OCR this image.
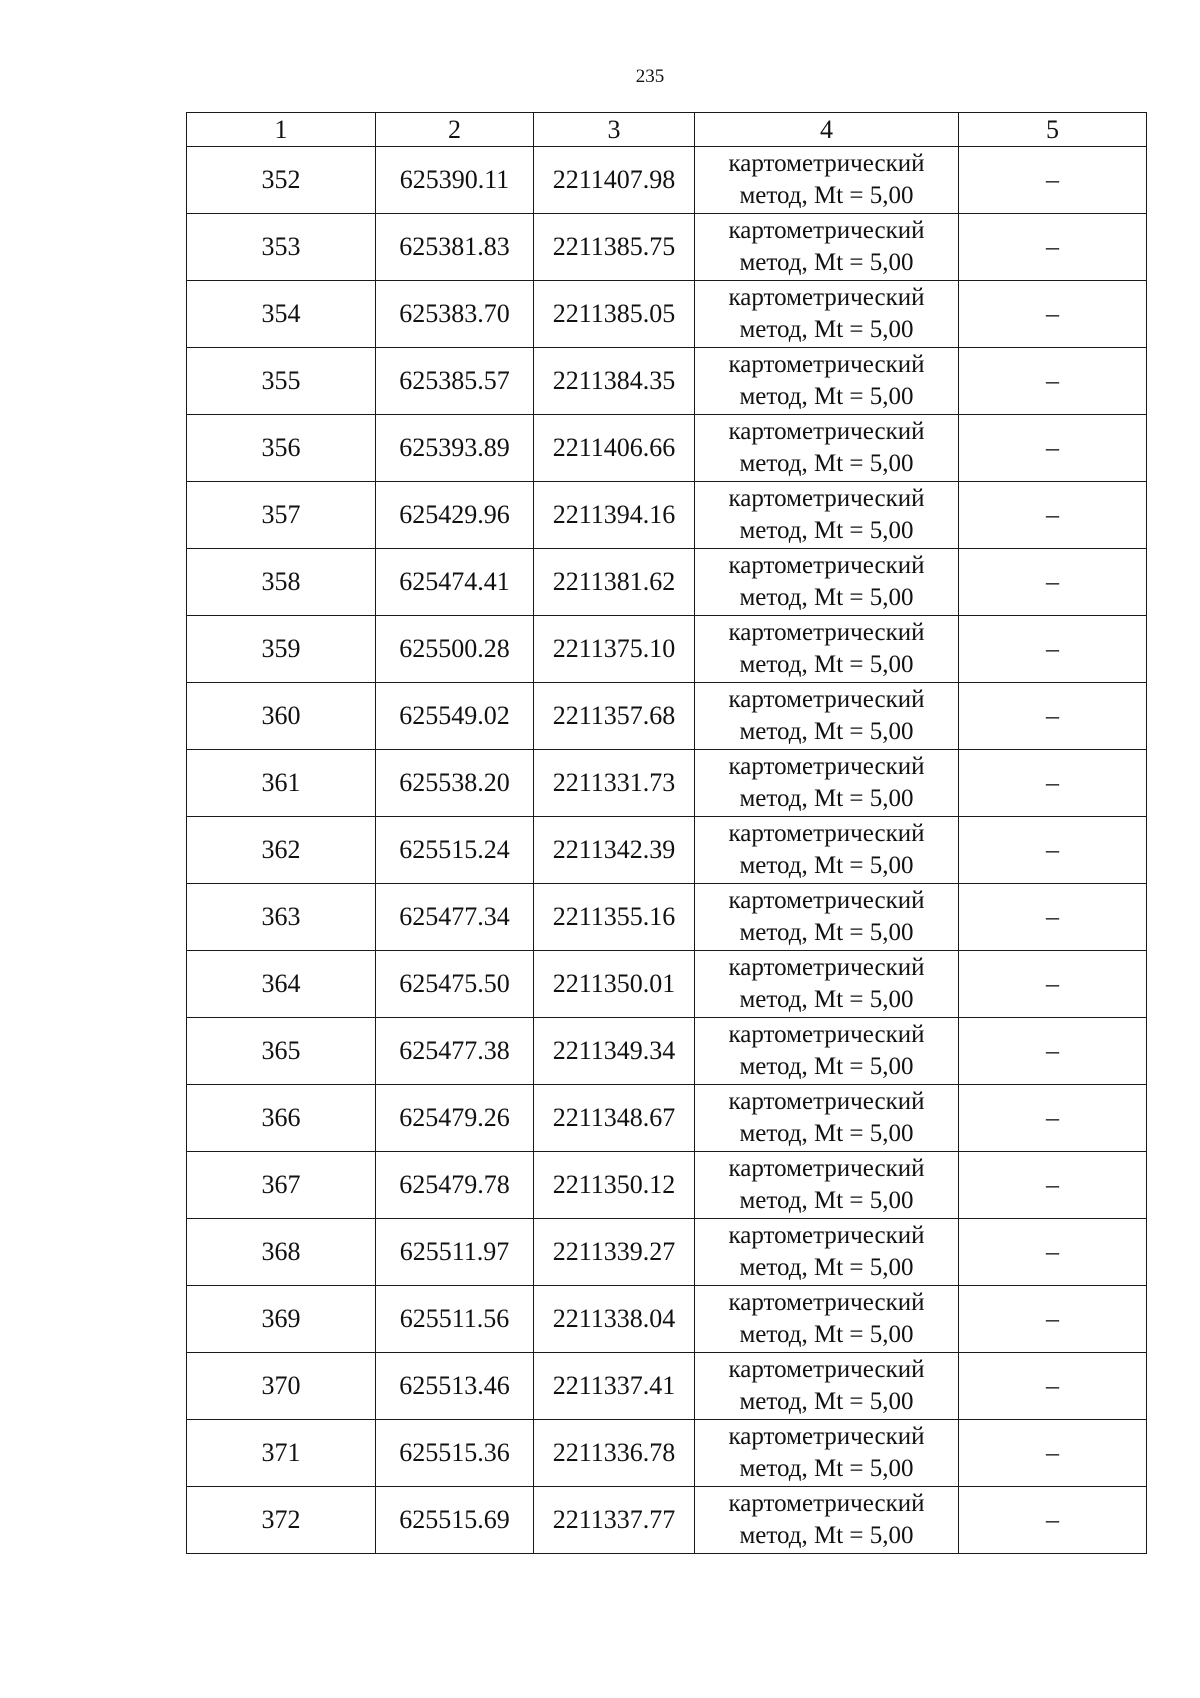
235
1	2	3	4	5
352	625390.11	2211407.98	картометрический
метод, Mt = 5,00	–
353	625381.83	2211385.75	картометрический
метод, Mt = 5,00	–
354	625383.70	2211385.05	картометрический
метод, Mt = 5,00	–
355	625385.57	2211384.35	картометрический
метод, Mt = 5,00	–
356	625393.89	2211406.66	картометрический
метод, Mt = 5,00	–
357	625429.96	2211394.16	картометрический
метод, Mt = 5,00	–
358	625474.41	2211381.62	картометрический
метод, Mt = 5,00	–
359	625500.28	2211375.10	картометрический
метод, Mt = 5,00	–
360	625549.02	2211357.68	картометрический
метод, Mt = 5,00	–
361	625538.20	2211331.73	картометрический
метод, Mt = 5,00	–
362	625515.24	2211342.39	картометрический
метод, Mt = 5,00	–
363	625477.34	2211355.16	картометрический
метод, Mt = 5,00	–
364	625475.50	2211350.01	картометрический
метод, Mt = 5,00	–
365	625477.38	2211349.34	картометрический
метод, Mt = 5,00	–
366	625479.26	2211348.67	картометрический
метод, Mt = 5,00	–
367	625479.78	2211350.12	картометрический
метод, Mt = 5,00	–
368	625511.97	2211339.27	картометрический
метод, Mt = 5,00	–
369	625511.56	2211338.04	картометрический
метод, Mt = 5,00	–
370	625513.46	2211337.41	картометрический
метод, Mt = 5,00	–
371	625515.36	2211336.78	картометрический
метод, Mt = 5,00	–
372	625515.69	2211337.77	картометрический
метод, Mt = 5,00	–
